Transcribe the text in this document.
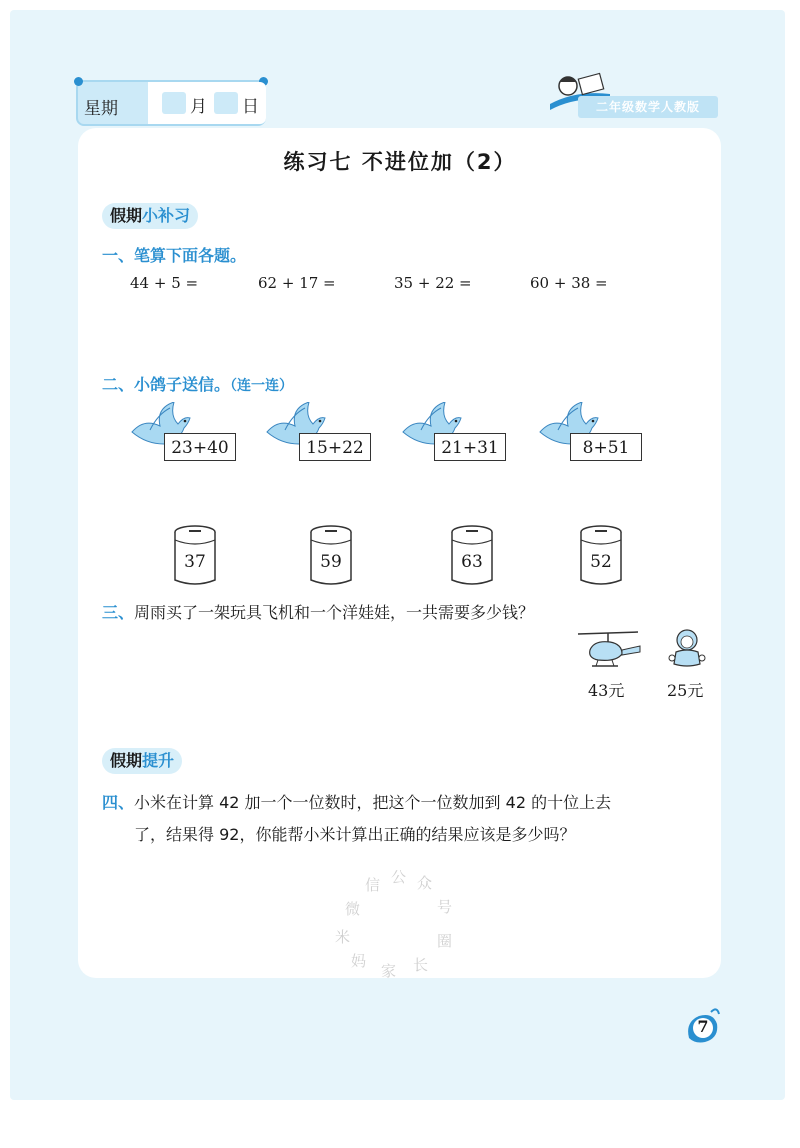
星期	月 日	二年级数学人教版
练习七 不进位加（2）
假期小补习
一、笔算下面各题。
44 + 5 =	62 + 17 =	35 + 22 =	60 + 38 =
二、小鸽子送信。（连一连）
23+40	15+22	21+31	8+51
37	59	63	52
三、周雨买了一架玩具飞机和一个洋娃娃，一共需要多少钱？
43元	25元
假期提升
四、小米在计算 42 加一个一位数时，把这个一位数加到 42 的十位上去
了，结果得 92，你能帮小米计算出正确的结果应该是多少吗？
微
信 公 众
号
米
妈
家 长
圈
7
